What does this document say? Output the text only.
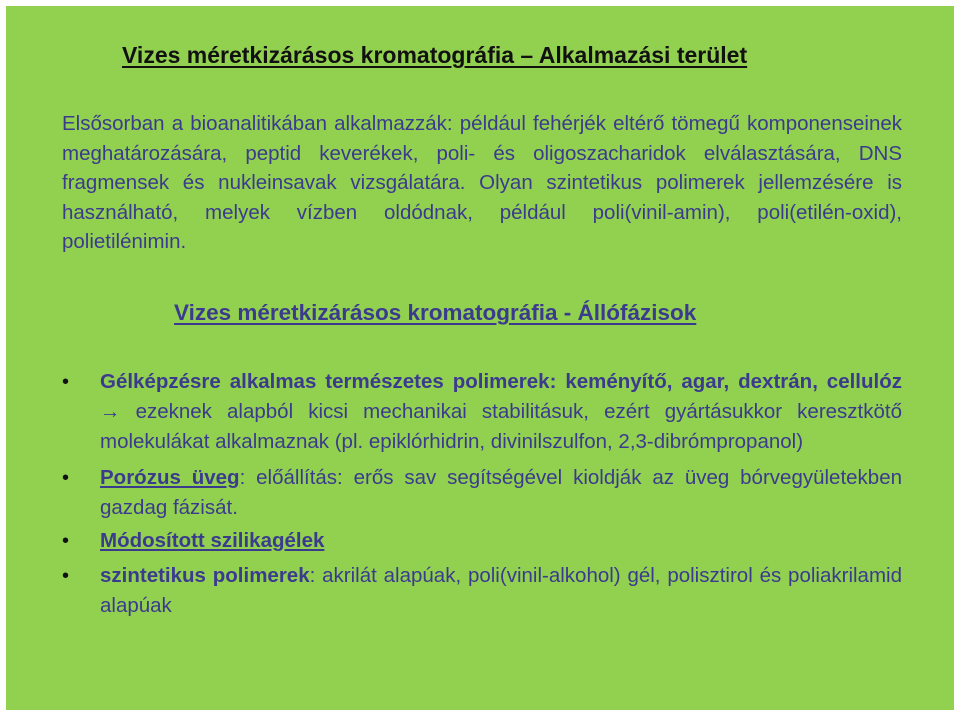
Vizes méretkizárásos kromatográfia – Alkalmazási terület

Elsősorban a bioanalitikában alkalmazzák: például fehérjék eltérő tömegű komponenseinek meghatározására, peptid keverékek, poli- és oligoszacharidok elválasztására, DNS fragmensek és nukleinsavak vizsgálatára. Olyan szintetikus polimerek jellemzésére is használható, melyek vízben oldódnak, például poli(vinil-amin), poli(etilén-oxid), polietilénimin.

Vizes méretkizárásos kromatográfia - Állófázisok
• Gélképzésre alkalmas természetes polimerek: keményítő, agar, dextrán, cellulóz → ezeknek alapból kicsi mechanikai stabilitásuk, ezért gyártásukkor keresztkötő molekulákat alkalmaznak (pl. epiklórhidrin, divinilszulfon, 2,3-dibrómpropanol)
• Porózus üveg: előállítás: erős sav segítségével kioldják az üveg bórvegyületekben gazdag fázisát.
• Módosított szilikagélek
• szintetikus polimerek: akrilát alapúak, poli(vinil-alkohol) gél, polisztirol és poliakrilamid alapúak
